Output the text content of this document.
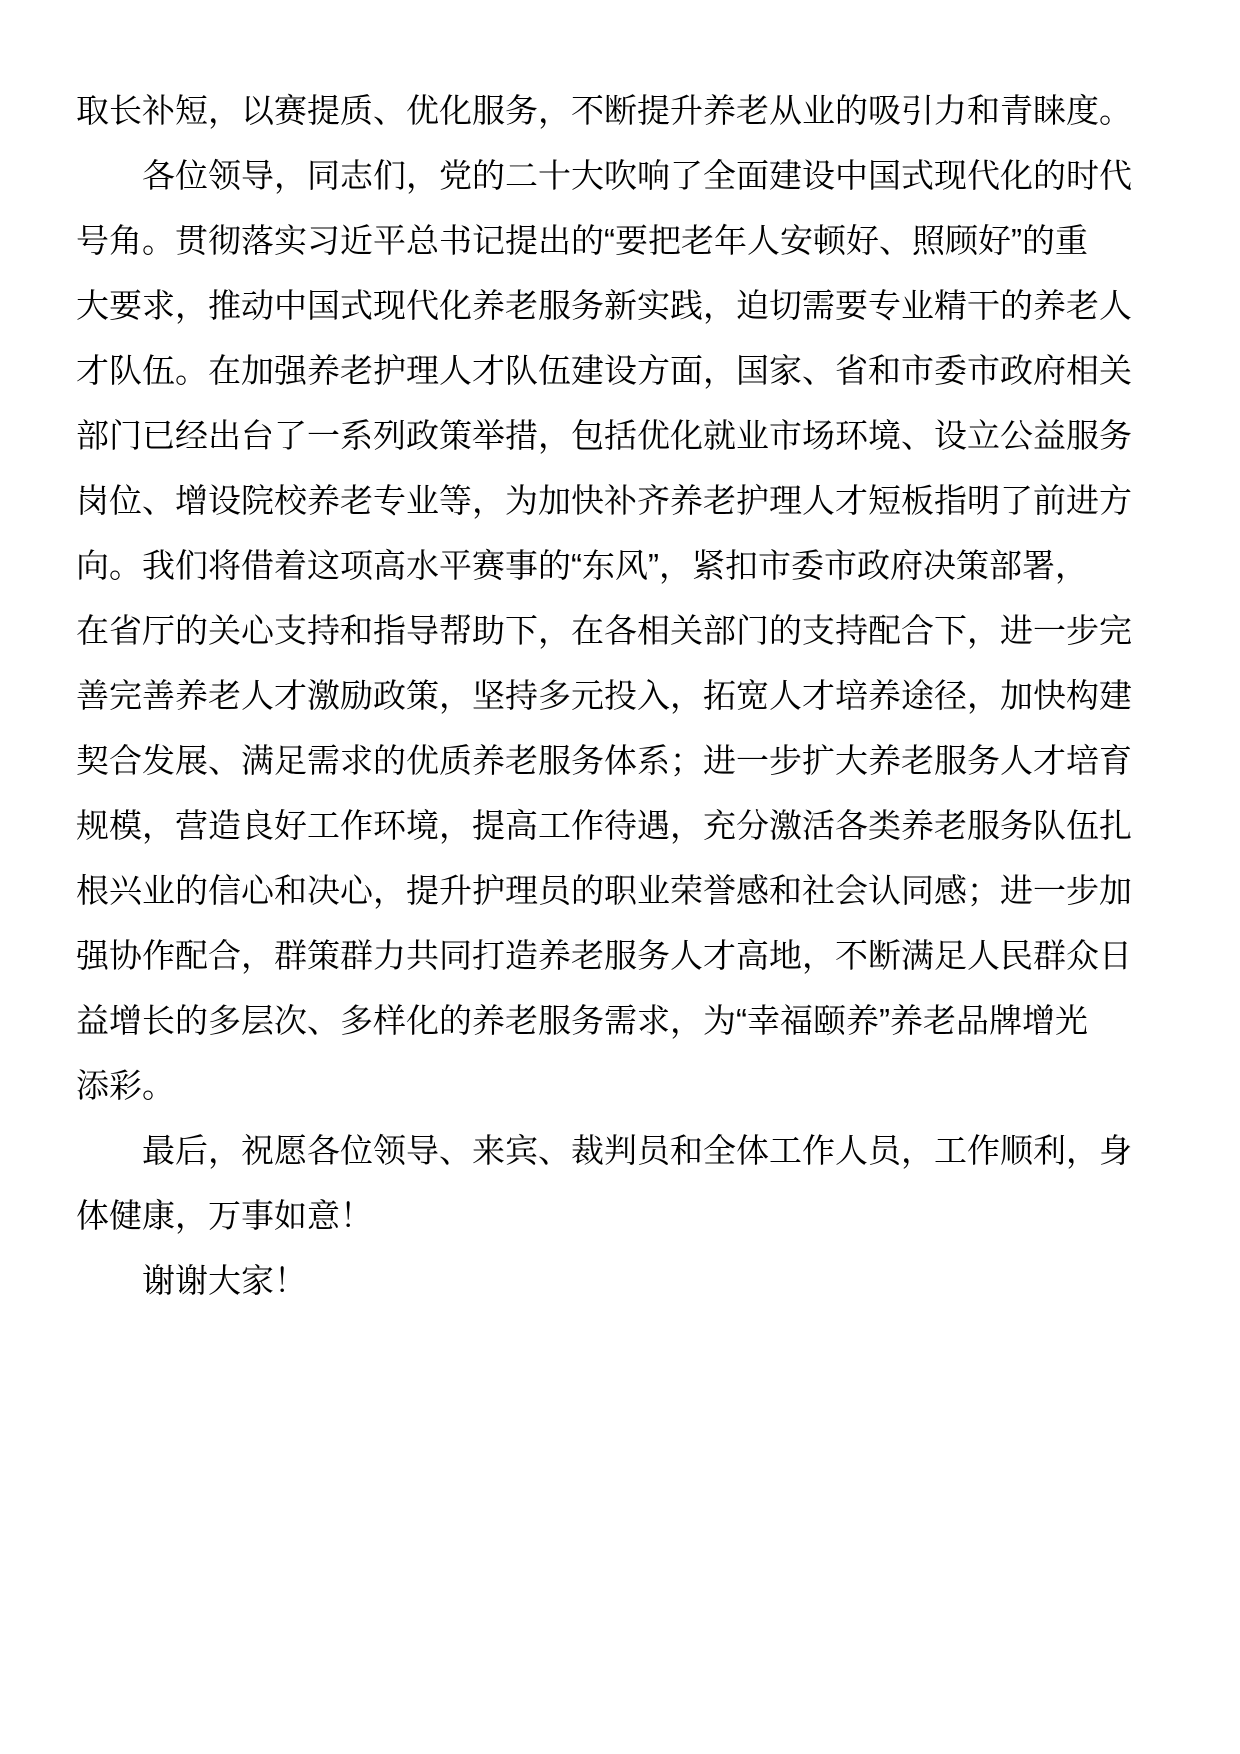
取长补短，以赛提质、优化服务，不断提升养老从业的吸引力和青睐度。

各位领导，同志们，党的二十大吹响了全面建设中国式现代化的时代
号角。贯彻落实习近平总书记提出的“要把老年人安顿好、照顾好”的重
大要求，推动中国式现代化养老服务新实践，迫切需要专业精干的养老人
才队伍。在加强养老护理人才队伍建设方面，国家、省和市委市政府相关
部门已经出台了一系列政策举措，包括优化就业市场环境、设立公益服务
岗位、增设院校养老专业等，为加快补齐养老护理人才短板指明了前进方
向。我们将借着这项高水平赛事的“东风”，紧扣市委市政府决策部署，
在省厅的关心支持和指导帮助下，在各相关部门的支持配合下，进一步完
善完善养老人才激励政策，坚持多元投入，拓宽人才培养途径，加快构建
契合发展、满足需求的优质养老服务体系；进一步扩大养老服务人才培育
规模，营造良好工作环境，提高工作待遇，充分激活各类养老服务队伍扎
根兴业的信心和决心，提升护理员的职业荣誉感和社会认同感；进一步加
强协作配合，群策群力共同打造养老服务人才高地，不断满足人民群众日
益增长的多层次、多样化的养老服务需求，为“幸福颐养”养老品牌增光
添彩。

最后，祝愿各位领导、来宾、裁判员和全体工作人员，工作顺利，身
体健康，万事如意！

谢谢大家！
